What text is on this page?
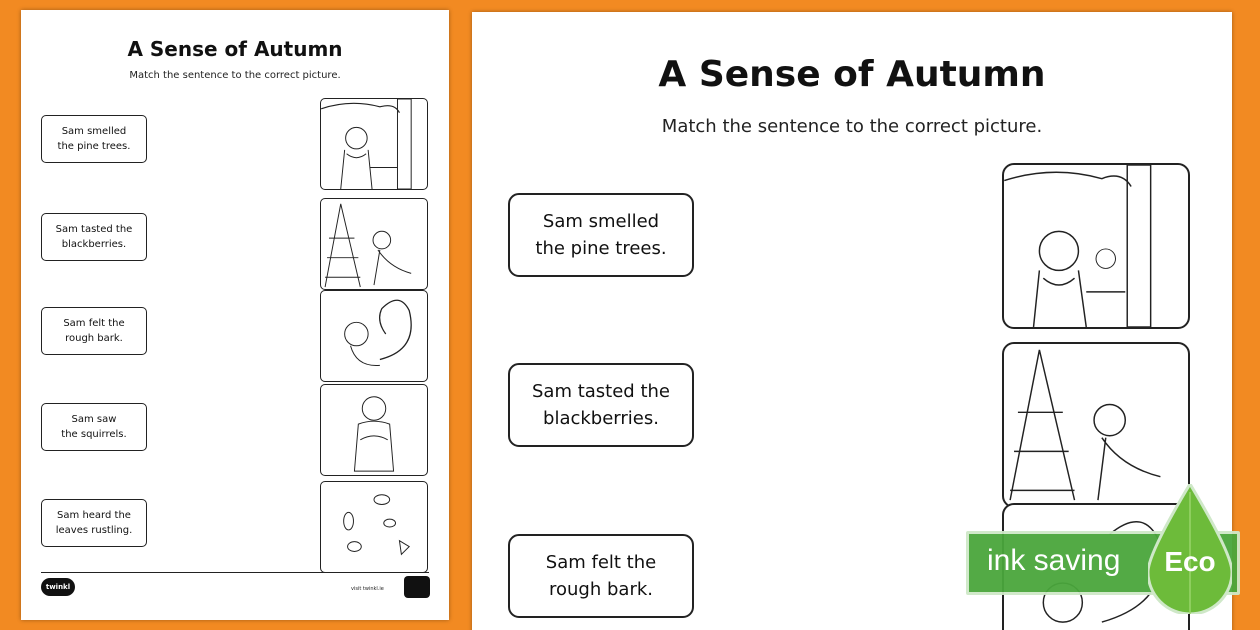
A Sense of Autumn
Match the sentence to the correct picture.
Sam smelled
the pine trees.
Sam tasted the
blackberries.
Sam felt the
rough bark.
Sam saw
the squirrels.
Sam heard the
leaves rustling.
twinkl	visit twinkl.ie
A Sense of Autumn
Match the sentence to the correct picture.
Sam smelled
the pine trees.
Sam tasted the
blackberries.
Sam felt the
rough bark.
ink saving	Eco
